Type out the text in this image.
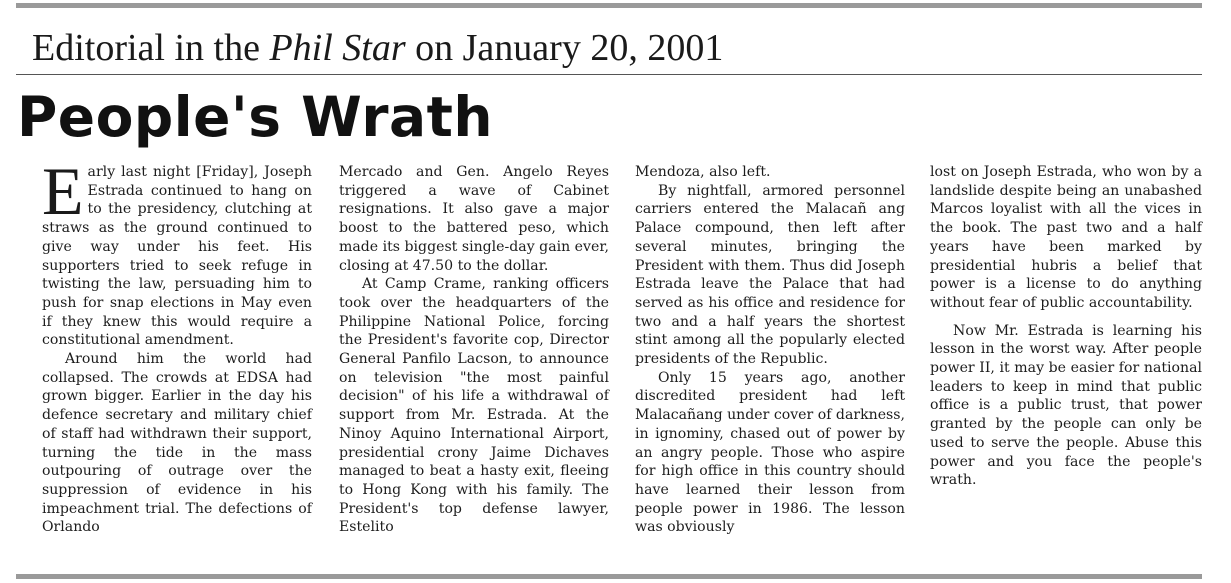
Editorial in the Phil Star on January 20, 2001
People's Wrath

Early last night [Friday], Joseph Estrada continued to hang on to the presidency, clutching at straws as the ground continued to give way under his feet. His supporters tried to seek refuge in twisting the law, persuading him to push for snap elections in May even if they knew this would require a constitutional amendment.

Around him the world had collapsed. The crowds at EDSA had grown bigger. Earlier in the day his defence secretary and military chief of staff had withdrawn their support, turning the tide in the mass outpouring of outrage over the suppression of evidence in his impeachment trial. The defections of Orlando

Mercado and Gen. Angelo Reyes triggered a wave of Cabinet resignations. It also gave a major boost to the battered peso, which made its biggest single-day gain ever, closing at 47.50 to the dollar.

At Camp Crame, ranking officers took over the headquarters of the Philippine National Police, forcing the President's favorite cop, Director General Panfilo Lacson, to announce on television "the most painful decision" of his life a withdrawal of support from Mr. Estrada. At the Ninoy Aquino International Airport, presidential crony Jaime Dichaves managed to beat a hasty exit, fleeing to Hong Kong with his family. The President's top defense lawyer, Estelito

Mendoza, also left.

By nightfall, armored personnel carriers entered the Malacañ ang Palace compound, then left after several minutes, bringing the President with them. Thus did Joseph Estrada leave the Palace that had served as his office and residence for two and a half years the shortest stint among all the popularly elected presidents of the Republic.

Only 15 years ago, another discredited president had left Malacañang under cover of darkness, in ignominy, chased out of power by an angry people. Those who aspire for high office in this country should have learned their lesson from people power in 1986. The lesson was obviously

lost on Joseph Estrada, who won by a landslide despite being an unabashed Marcos loyalist with all the vices in the book. The past two and a half years have been marked by presidential hubris a belief that power is a license to do anything without fear of public accountability.

Now Mr. Estrada is learning his lesson in the worst way. After people power II, it may be easier for national leaders to keep in mind that public office is a public trust, that power granted by the people can only be used to serve the people. Abuse this power and you face the people's wrath.
